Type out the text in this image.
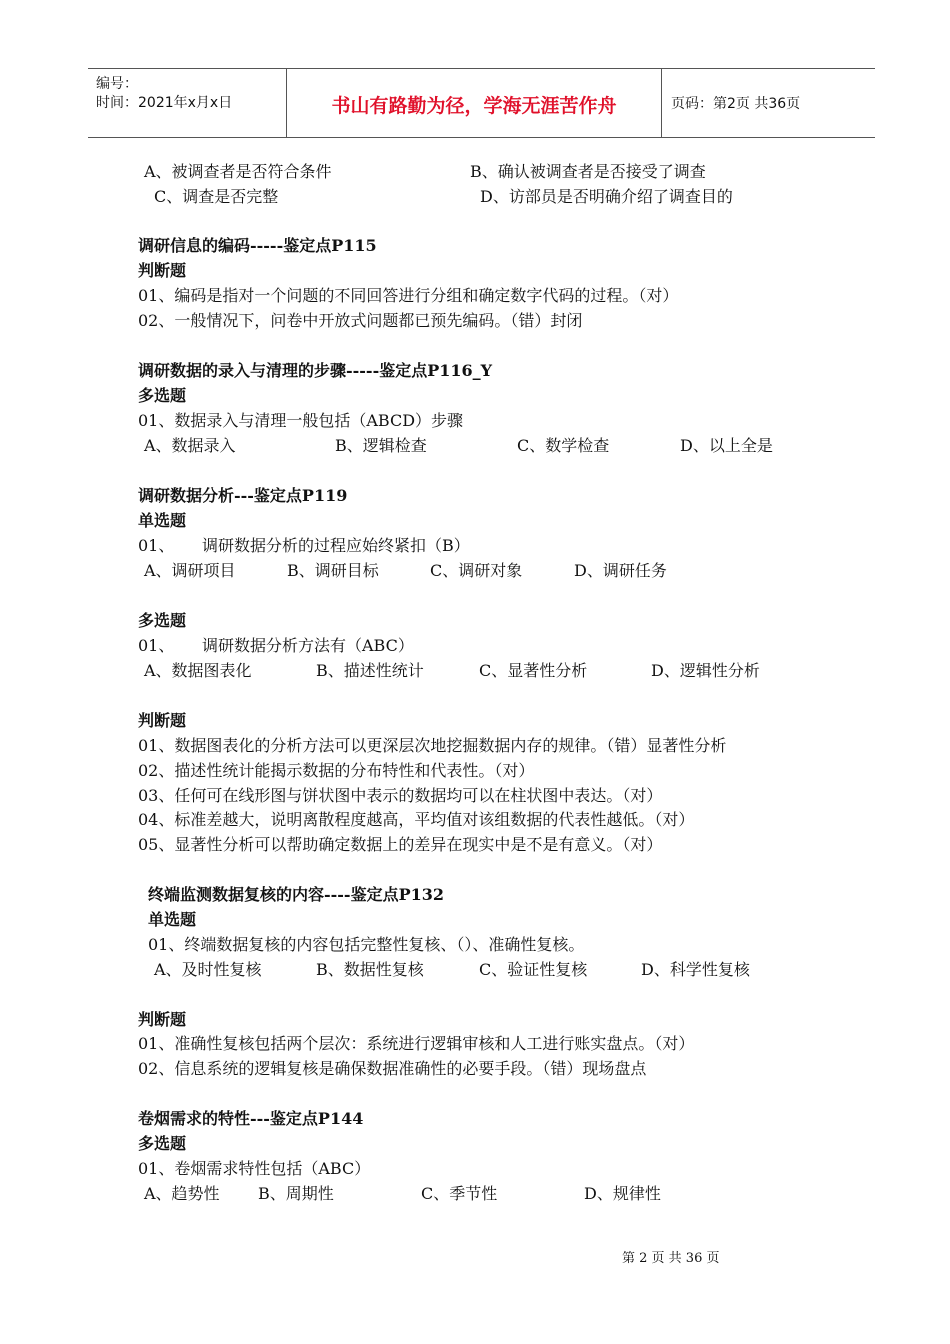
编号：
时间：2021年x月x日	书山有路勤为径，学海无涯苦作舟	页码：第2页 共36页
A、被调查者是否符合条件	B、确认被调查者是否接受了调查
C、调查是否完整	D、访部员是否明确介绍了调查目的
调研信息的编码-----鉴定点P115
判断题
01、编码是指对一个问题的不同回答进行分组和确定数字代码的过程。（对）
02、一般情况下，问卷中开放式问题都已预先编码。（错）封闭
调研数据的录入与清理的步骤-----鉴定点P116_Y
多选题
01、数据录入与清理一般包括（ABCD）步骤
A、数据录入	B、逻辑检查	C、数学检查	D、以上全是
调研数据分析---鉴定点P119
单选题
01、 调研数据分析的过程应始终紧扣（B）
A、调研项目	B、调研目标	C、调研对象	D、调研任务
多选题
01、 调研数据分析方法有（ABC）
A、数据图表化	B、描述性统计	C、显著性分析	D、逻辑性分析
判断题
01、数据图表化的分析方法可以更深层次地挖掘数据内存的规律。（错）显著性分析
02、描述性统计能揭示数据的分布特性和代表性。（对）
03、任何可在线形图与饼状图中表示的数据均可以在柱状图中表达。（对）
04、标准差越大，说明离散程度越高，平均值对该组数据的代表性越低。（对）
05、显著性分析可以帮助确定数据上的差异在现实中是不是有意义。（对）
终端监测数据复核的内容----鉴定点P132
单选题
01、终端数据复核的内容包括完整性复核、（）、准确性复核。
A、及时性复核	B、数据性复核	C、验证性复核	D、科学性复核
判断题
01、准确性复核包括两个层次：系统进行逻辑审核和人工进行账实盘点。（对）
02、信息系统的逻辑复核是确保数据准确性的必要手段。（错）现场盘点
卷烟需求的特性---鉴定点P144
多选题
01、卷烟需求特性包括（ABC）
A、趋势性 B、周期性	C、季节性	D、规律性
第 2 页 共 36 页
